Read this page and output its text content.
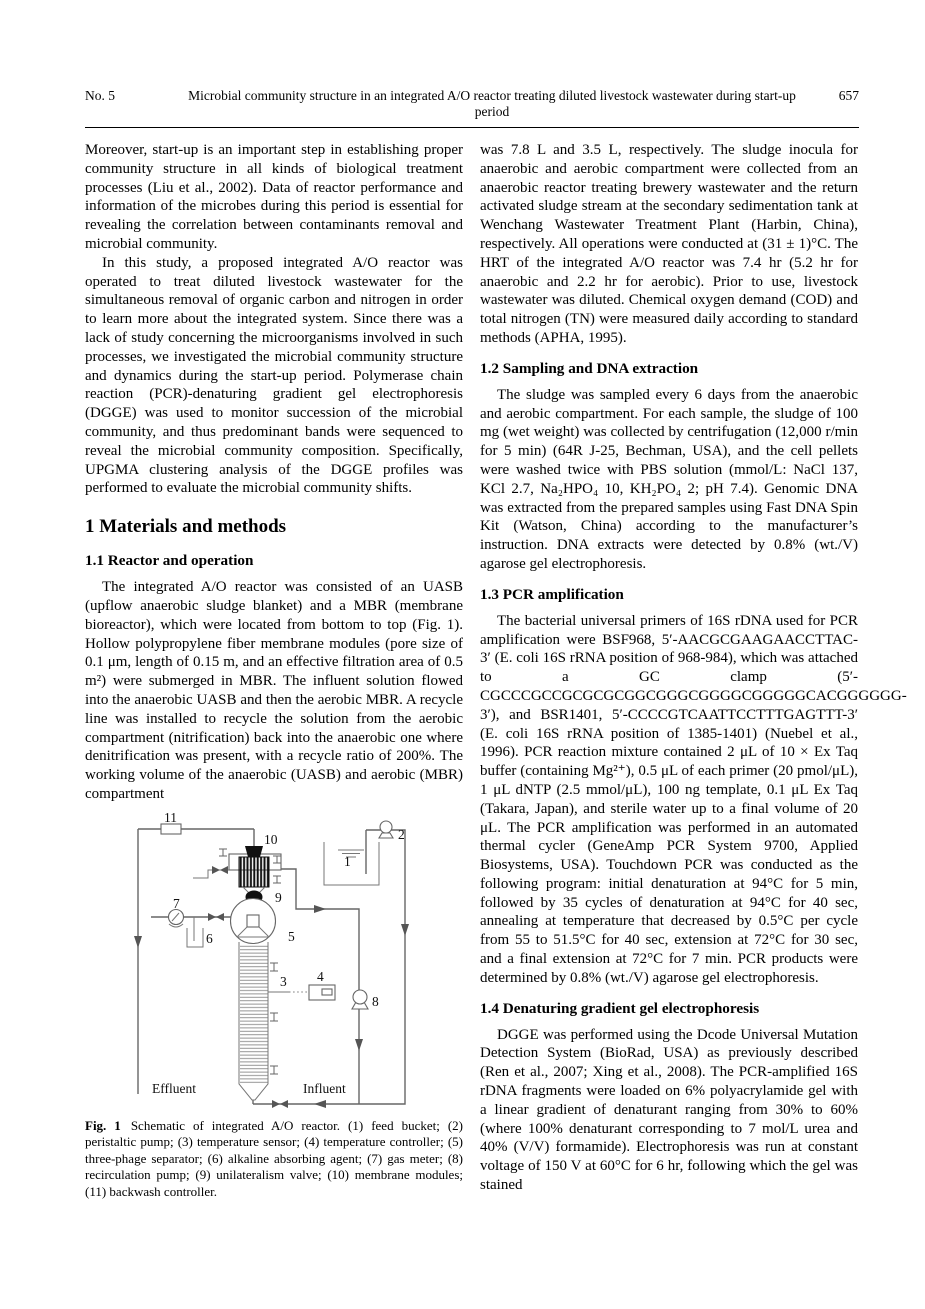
No. 5	Microbial community structure in an integrated A/O reactor treating diluted livestock wastewater during start-up period
657

Moreover, start-up is an important step in establishing proper community structure in all kinds of biological treatment processes (Liu et al., 2002). Data of reactor performance and information of the microbes during this period is essential for revealing the correlation between contaminants removal and microbial community.

In this study, a proposed integrated A/O reactor was operated to treat diluted livestock wastewater for the simultaneous removal of organic carbon and nitrogen in order to learn more about the integrated system. Since there was a lack of study concerning the microorganisms involved in such processes, we investigated the microbial community structure and dynamics during the start-up period. Polymerase chain reaction (PCR)-denaturing gradient gel electrophoresis (DGGE) was used to monitor succession of the microbial community, and thus predominant bands were sequenced to reveal the microbial community composition. Specifically, UPGMA clustering analysis of the DGGE profiles was performed to evaluate the microbial community shifts.

1 Materials and methods
1.1 Reactor and operation

The integrated A/O reactor was consisted of an UASB (upflow anaerobic sludge blanket) and a MBR (membrane bioreactor), which were located from bottom to top (Fig. 1). Hollow polypropylene fiber membrane modules (pore size of 0.1 μm, length of 0.15 m, and an effective filtration area of 0.5 m²) were submerged in MBR. The influent solution flowed into the anaerobic UASB and then the aerobic MBR. A recycle line was installed to recycle the solution from the aerobic compartment (nitrification) back into the anaerobic one where denitrification was present, with a recycle ratio of 200%. The working volume of the anaerobic (UASB) and aerobic (MBR) compartment

11
10
9
5
7
6
3 4
8
1
2
Effluent	Influent
Fig. 1 Schematic of integrated A/O reactor. (1) feed bucket; (2) peristaltic pump; (3) temperature sensor; (4) temperature controller; (5) three-phage separator; (6) alkaline absorbing agent; (7) gas meter; (8) recirculation pump; (9) unilateralism valve; (10) membrane modules; (11) backwash controller.

was 7.8 L and 3.5 L, respectively. The sludge inocula for anaerobic and aerobic compartment were collected from an anaerobic reactor treating brewery wastewater and the return activated sludge stream at the secondary sedimentation tank at Wenchang Wastewater Treatment Plant (Harbin, China), respectively. All operations were conducted at (31 ± 1)°C. The HRT of the integrated A/O reactor was 7.4 hr (5.2 hr for anaerobic and 2.2 hr for aerobic). Prior to use, livestock wastewater was diluted. Chemical oxygen demand (COD) and total nitrogen (TN) were measured daily according to standard methods (APHA, 1995).

1.2 Sampling and DNA extraction

The sludge was sampled every 6 days from the anaerobic and aerobic compartment. For each sample, the sludge of 100 mg (wet weight) was collected by centrifugation (12,000 r/min for 5 min) (64R J-25, Bechman, USA), and the cell pellets were washed twice with PBS solution (mmol/L: NaCl 137, KCl 2.7, Na₂HPO₄ 10, KH₂PO₄ 2; pH 7.4). Genomic DNA was extracted from the prepared samples using Fast DNA Spin Kit (Watson, China) according to the manufacturer’s instruction. DNA extracts were detected by 0.8% (wt./V) agarose gel electrophoresis.

1.3 PCR amplification

The bacterial universal primers of 16S rDNA used for PCR amplification were BSF968, 5′-AACGCGAAGAACCTTAC-3′ (E. coli 16S rRNA position of 968-984), which was attached to a GC clamp (5′-CGCCCGCCGCGCGCGGCGGGCGGGGCGGGGGCACGGGGGG-3′), and BSR1401, 5′-CCCCGTCAATTCCTTTGAGTTT-3′ (E. coli 16S rRNA position of 1385-1401) (Nuebel et al., 1996). PCR reaction mixture contained 2 μL of 10 × Ex Taq buffer (containing Mg²⁺), 0.5 μL of each primer (20 pmol/μL), 1 μL dNTP (2.5 mmol/μL), 100 ng template, 0.1 μL Ex Taq (Takara, Japan), and sterile water up to a final volume of 20 μL. The PCR amplification was performed in an automated thermal cycler (GeneAmp PCR System 9700, Applied Biosystems, USA). Touchdown PCR was conducted as the following program: initial denaturation at 94°C for 5 min, followed by 35 cycles of denaturation at 94°C for 40 sec, annealing at temperature that decreased by 0.5°C per cycle from 55 to 51.5°C for 40 sec, extension at 72°C for 30 sec, and a final extension at 72°C for 7 min. PCR products were determined by 0.8% (wt./V) agarose gel electrophoresis.

1.4 Denaturing gradient gel electrophoresis

DGGE was performed using the Dcode Universal Mutation Detection System (BioRad, USA) as previously described (Ren et al., 2007; Xing et al., 2008). The PCR-amplified 16S rDNA fragments were loaded on 6% polyacrylamide gel with a linear gradient of denaturant ranging from 30% to 60% (where 100% denaturant corresponding to 7 mol/L urea and 40% (V/V) formamide). Electrophoresis was run at constant voltage of 150 V at 60°C for 6 hr, following which the gel was stained
